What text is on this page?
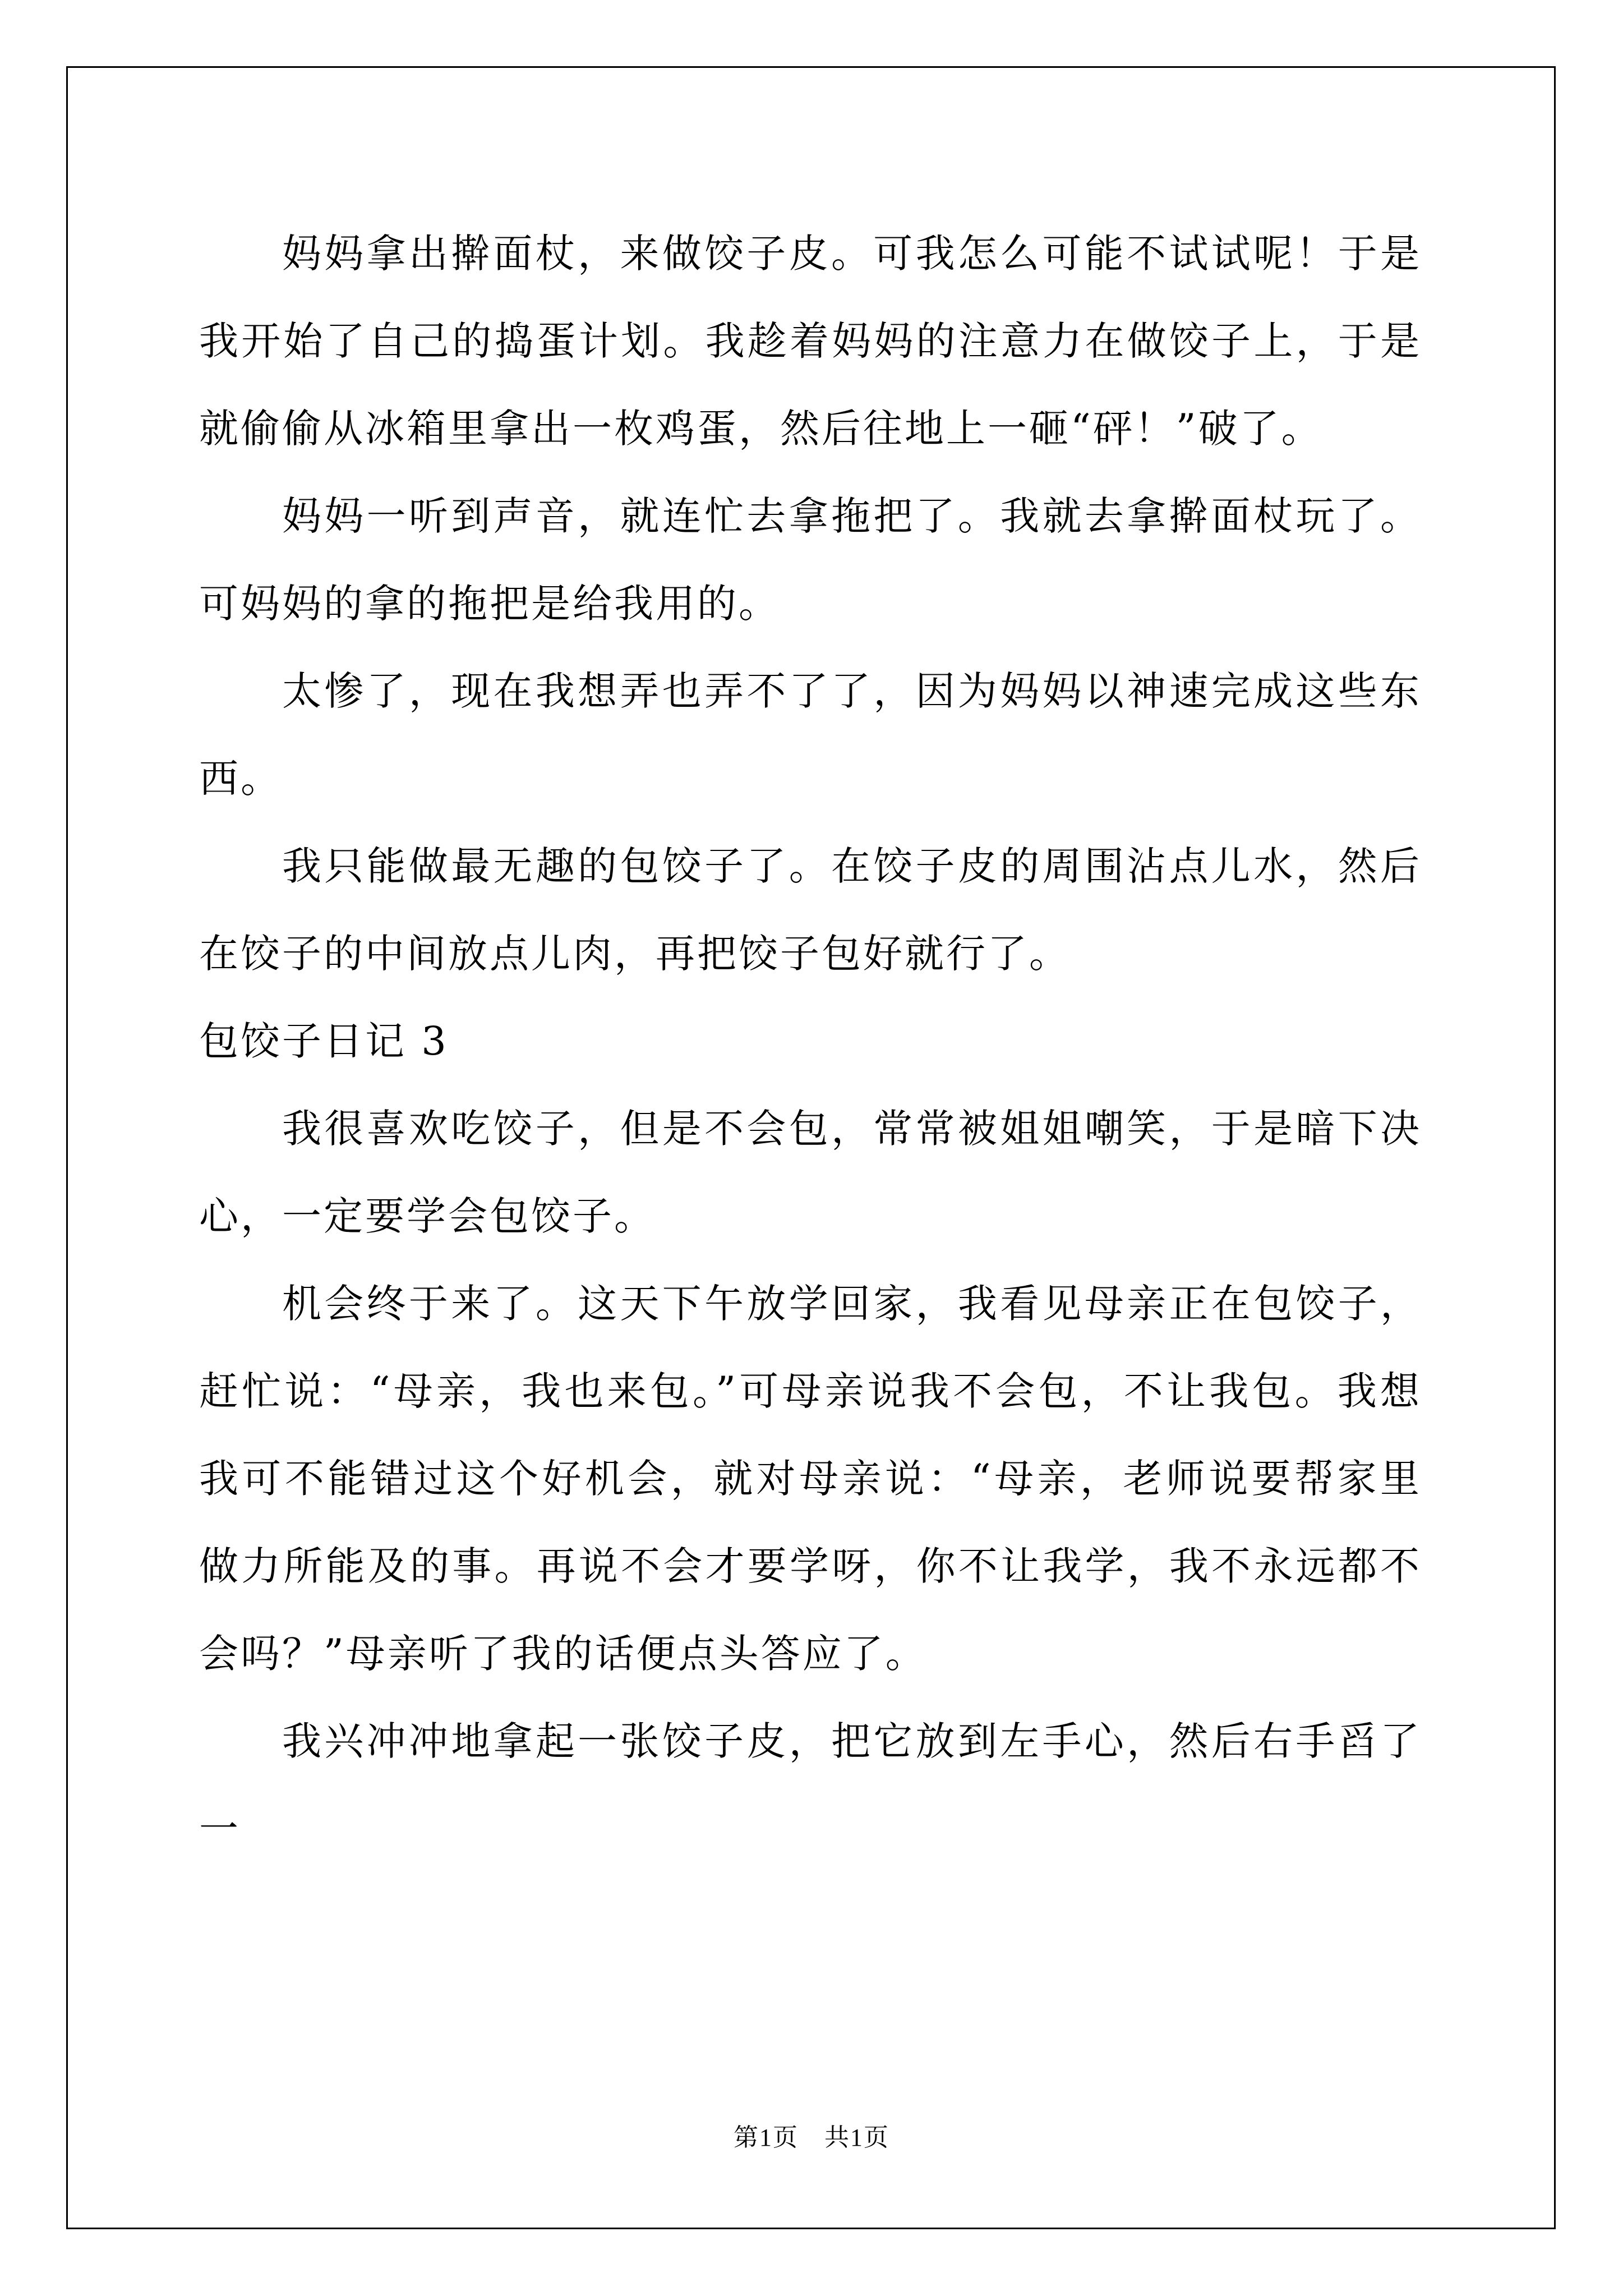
妈妈拿出擀面杖，来做饺子皮。可我怎么可能不试试呢！于是我开始了自己的捣蛋计划。我趁着妈妈的注意力在做饺子上，于是就偷偷从冰箱里拿出一枚鸡蛋，然后往地上一砸“砰！”破了。

妈妈一听到声音，就连忙去拿拖把了。我就去拿擀面杖玩了。可妈妈的拿的拖把是给我用的。

太惨了，现在我想弄也弄不了了，因为妈妈以神速完成这些东西。

我只能做最无趣的包饺子了。在饺子皮的周围沾点儿水，然后在饺子的中间放点儿肉，再把饺子包好就行了。

包饺子日记 3

我很喜欢吃饺子，但是不会包，常常被姐姐嘲笑，于是暗下决心，一定要学会包饺子。

机会终于来了。这天下午放学回家，我看见母亲正在包饺子，赶忙说：“母亲，我也来包。”可母亲说我不会包，不让我包。我想我可不能错过这个好机会，就对母亲说：“母亲，老师说要帮家里做力所能及的事。再说不会才要学呀，你不让我学，我不永远都不会吗？”母亲听了我的话便点头答应了。

我兴冲冲地拿起一张饺子皮，把它放到左手心，然后右手舀了一

第1页　共1页
